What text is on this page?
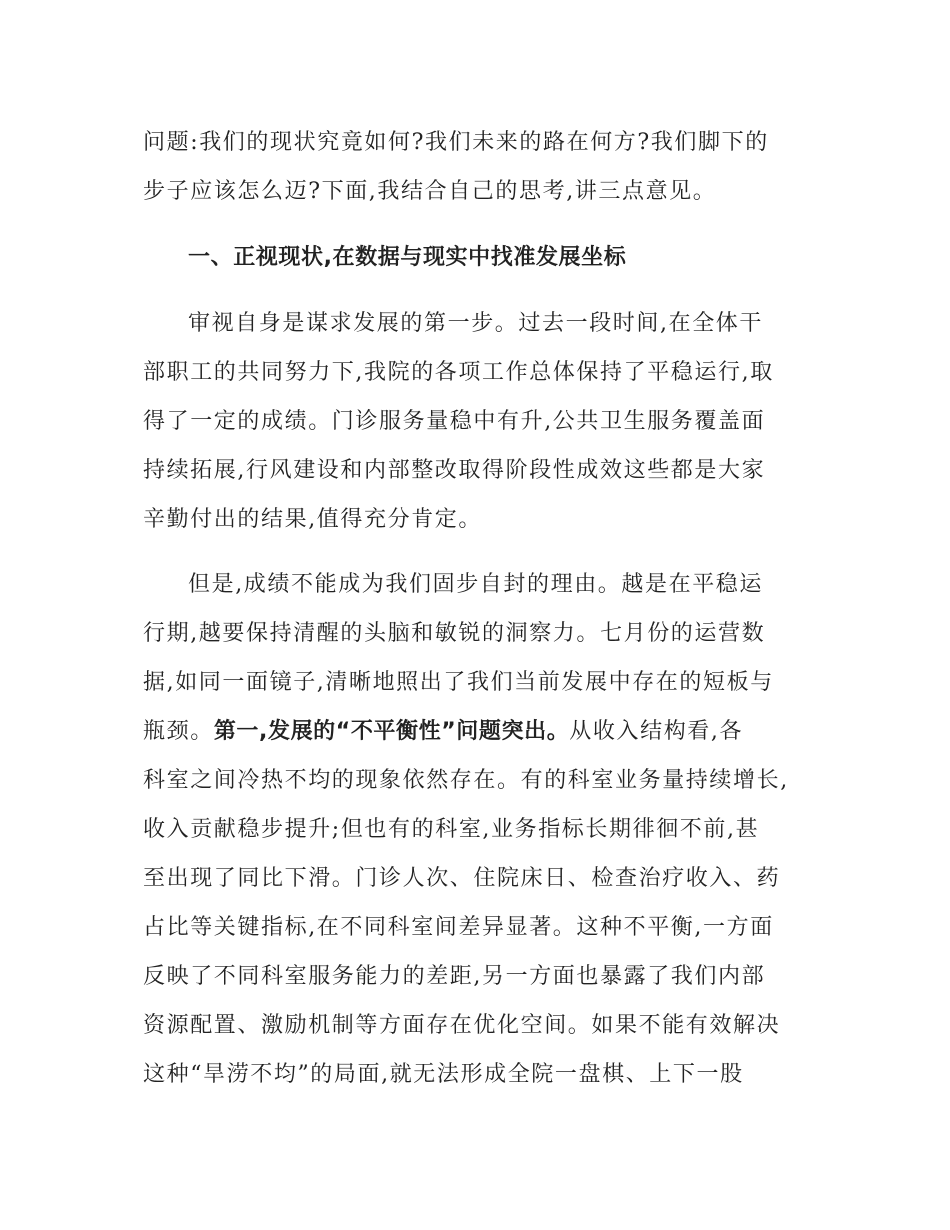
问题:我们的现状究竟如何?我们未来的路在何方?我们脚下的
步子应该怎么迈?下面,我结合自己的思考,讲三点意见。
一、正视现状,在数据与现实中找准发展坐标
审视自身是谋求发展的第一步。过去一段时间,在全体干
部职工的共同努力下,我院的各项工作总体保持了平稳运行,取
得了一定的成绩。门诊服务量稳中有升,公共卫生服务覆盖面
持续拓展,行风建设和内部整改取得阶段性成效这些都是大家
辛勤付出的结果,值得充分肯定。
但是,成绩不能成为我们固步自封的理由。越是在平稳运
行期,越要保持清醒的头脑和敏锐的洞察力。七月份的运营数
据,如同一面镜子,清晰地照出了我们当前发展中存在的短板与
瓶颈。第一,发展的“不平衡性”问题突出。从收入结构看,各
科室之间冷热不均的现象依然存在。有的科室业务量持续增长,
收入贡献稳步提升;但也有的科室,业务指标长期徘徊不前,甚
至出现了同比下滑。门诊人次、住院床日、检查治疗收入、药
占比等关键指标,在不同科室间差异显著。这种不平衡,一方面
反映了不同科室服务能力的差距,另一方面也暴露了我们内部
资源配置、激励机制等方面存在优化空间。如果不能有效解决
这种“旱涝不均”的局面,就无法形成全院一盘棋、上下一股
